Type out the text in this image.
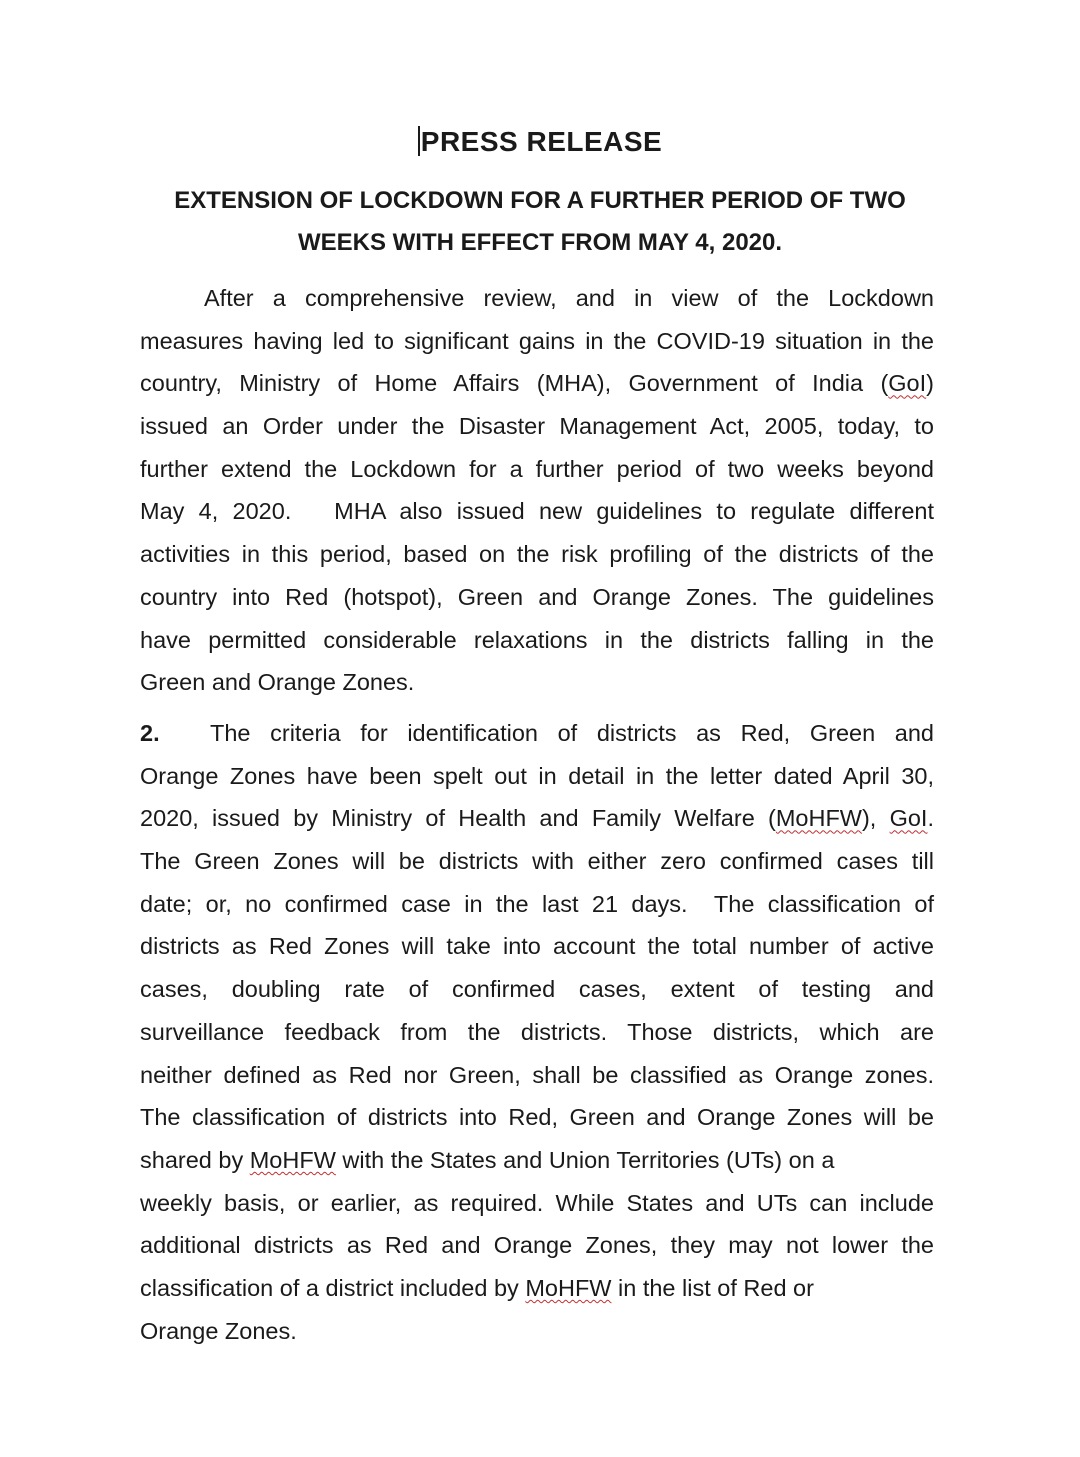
PRESS RELEASE
EXTENSION OF LOCKDOWN FOR A FURTHER PERIOD OF TWO
WEEKS WITH EFFECT FROM MAY 4, 2020.
After a comprehensive review, and in view of the Lockdown
measures having led to significant gains in the COVID-19 situation in the
country, Ministry of Home Affairs (MHA), Government of India (GoI)
issued an Order under the Disaster Management Act, 2005, today, to
further extend the Lockdown for a further period of two weeks beyond
May 4, 2020.   MHA also issued new guidelines to regulate different
activities in this period, based on the risk profiling of the districts of the
country into Red (hotspot), Green and Orange Zones. The guidelines
have permitted considerable relaxations in the districts falling in the
Green and Orange Zones.
2. The criteria for identification of districts as Red, Green and
Orange Zones have been spelt out in detail in the letter dated April 30,
2020, issued by Ministry of Health and Family Welfare (MoHFW), GoI.
The Green Zones will be districts with either zero confirmed cases till
date; or, no confirmed case in the last 21 days.  The classification of
districts as Red Zones will take into account the total number of active
cases, doubling rate of confirmed cases, extent of testing and
surveillance feedback from the districts. Those districts, which are
neither defined as Red nor Green, shall be classified as Orange zones.
The classification of districts into Red, Green and Orange Zones will be
shared by MoHFW with the States and Union Territories (UTs) on a
weekly basis, or earlier, as required. While States and UTs can include
additional districts as Red and Orange Zones, they may not lower the
classification of a district included by MoHFW in the list of Red or
Orange Zones.
